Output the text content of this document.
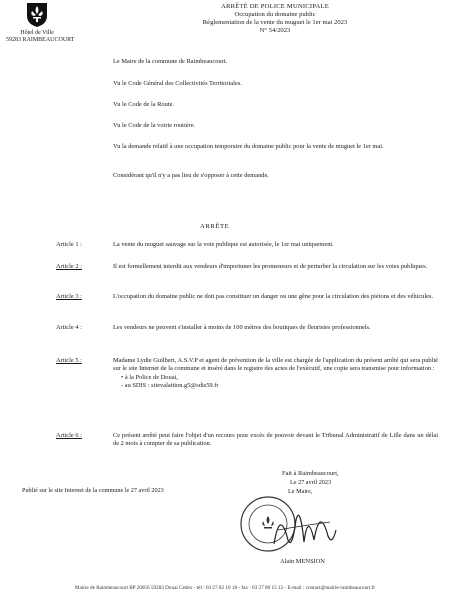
Hôtel de Ville
59283 RAIMBEAUCOURT
ARRÊTÉ DE POLICE MUNICIPALE
Occupation du domaine public
Réglementation de la vente du muguet le 1er mai 2023
N° 54/2023
Le Maire de la commune de Raimbeaucourt.
Vu le Code Général des Collectivités Territoriales.
Vu le Code de la Route.
Vu le Code de la voirie routière.
Vu la demande relatif à une occupation temporaire du domaine public pour la vente de muguet le 1er mai.
Considérant qu'il n'y a pas lieu de s'opposer à cette demande.
ARRÊTE
Article 1 :	La vente du muguet sauvage sur la voie publique est autorisée, le 1er mai uniquement.
Article 2 :	Il est formellement interdit aux vendeurs d'importuner les promeneurs et de perturber la circulation sur les voies publiques.
Article 3 :	L'occupation du domaine public ne doit pas constituer un danger ou une gêne pour la circulation des piétons et des véhicules.
Article 4 :	Les vendeurs ne peuvent s'installer à moins de 100 mètres des boutiques de fleuristes professionnels.
Article 5 :	Madame Lydie Guilbert, A.S.V.P et agent de prévention de la ville est chargée de l'application du présent arrêté qui sera publié sur le site Internet de la commune et inséré dans le registre des actes de l'exécutif, une copie sera transmise pour information :
• à la Police de Douai,
- au SDIS : sitevalaition.g5@sdis59.fr
Article 6 :	Ce présent arrêté peut faire l'objet d'un recours pour excès de pouvoir devant le Tribunal Administratif de Lille dans un délai de 2 mois à compter de sa publication.
Publié sur le site Internet de la commune le 27 avril 2023
Fait à Raimbeaucourt,
Le 27 avril 2023
Le Maire,
Alain MENSION
Mairie de Raimbeaucourt BP 20056 59283 Douai Cedex - tél : 03 27 82 18 18 - fax : 03 27 80 15 12 - E-mail : contact@mairie-raimbeaucourt.fr
